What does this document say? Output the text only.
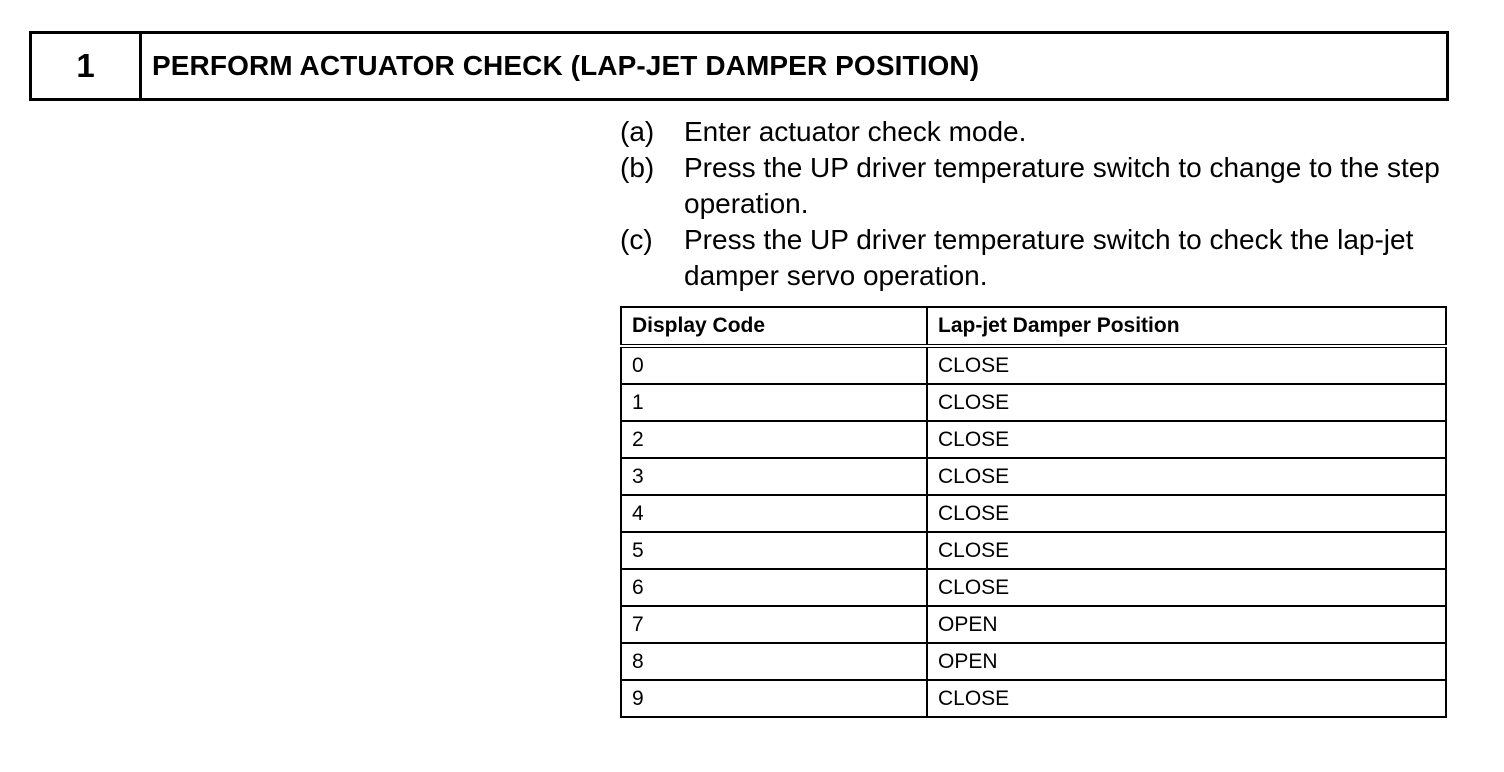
1	PERFORM ACTUATOR CHECK (LAP-JET DAMPER POSITION)
(a)	Enter actuator check mode.
(b)	Press the UP driver temperature switch to change to the step operation.
(c)	Press the UP driver temperature switch to check the lap-jet damper servo operation.
Display Code	Lap-jet Damper Position
0	CLOSE
1	CLOSE
2	CLOSE
3	CLOSE
4	CLOSE
5	CLOSE
6	CLOSE
7	OPEN
8	OPEN
9	CLOSE
